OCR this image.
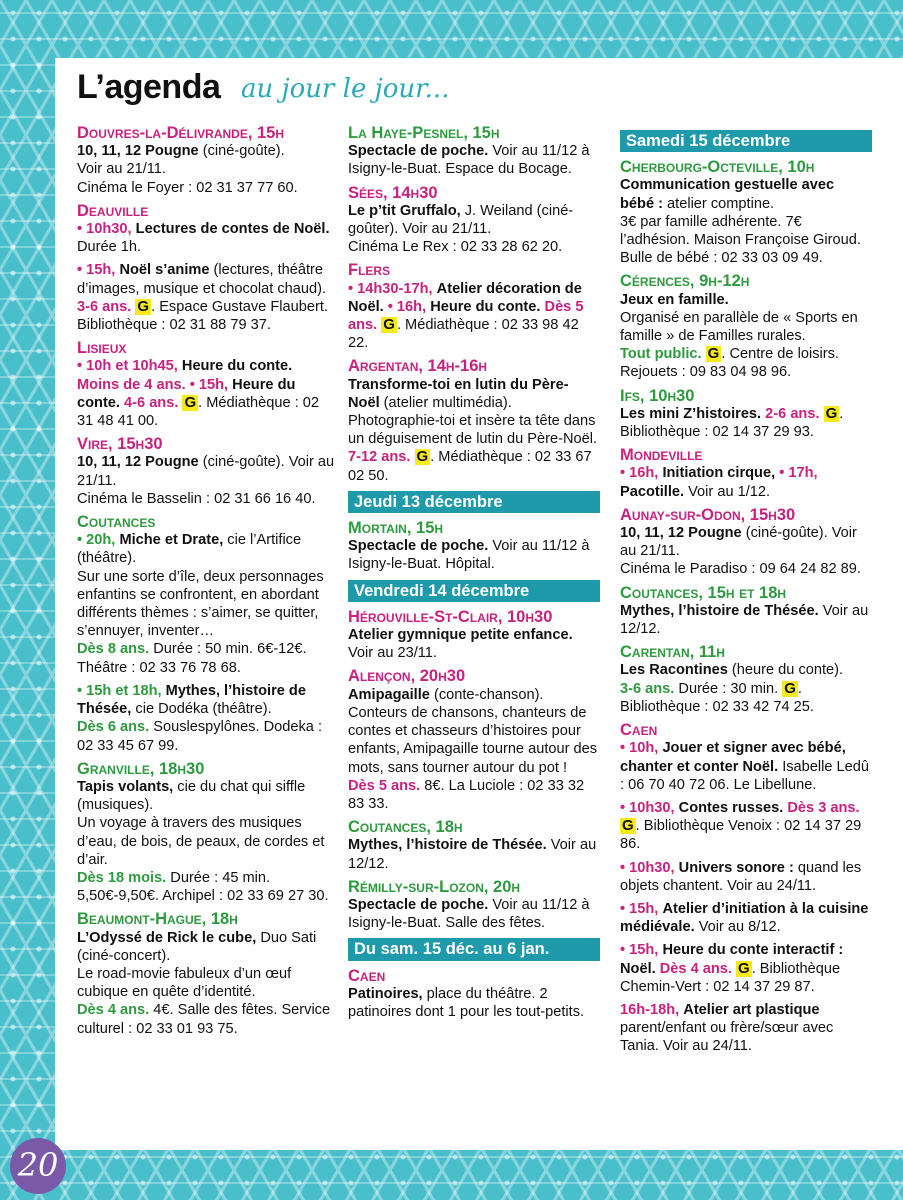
L’agenda au jour le jour...
Douvres-la-Délivrande, 15h
10, 11, 12 Pougne (ciné-goûte).
Voir au 21/11.
Cinéma le Foyer : 02 31 37 77 60.
Deauville
• 10h30, Lectures de contes de Noël. Durée 1h.
• 15h, Noël s’anime (lectures, théâtre d’images, musique et chocolat chaud).
3-6 ans. G . Espace Gustave Flaubert. Bibliothèque : 02 31 88 79 37.
Lisieux
• 10h et 10h45, Heure du conte. Moins de 4 ans. • 15h, Heure du conte. 4-6 ans. G . Médiathèque : 02 31 48 41 00.
Vire, 15h30
10, 11, 12 Pougne (ciné-goûte). Voir au 21/11.
Cinéma le Basselin : 02 31 66 16 40.
Coutances
• 20h, Miche et Drate, cie l’Artifice (théâtre).
Sur une sorte d’île, deux personnages enfantins se confrontent, en abordant différents thèmes : s’aimer, se quitter, s’ennuyer, inventer…
Dès 8 ans. Durée : 50 min. 6€-12€. Théâtre : 02 33 76 78 68.
• 15h et 18h, Mythes, l’histoire de Thésée, cie Dodéka (théâtre).
Dès 6 ans. Souslespylônes. Dodeka : 02 33 45 67 99.
Granville, 18h30
Tapis volants, cie du chat qui siffle (musiques).
Un voyage à travers des musiques d’eau, de bois, de peaux, de cordes et d’air.
Dès 18 mois. Durée : 45 min. 5,50€-9,50€. Archipel : 02 33 69 27 30.
Beaumont-Hague, 18h
L’Odyssé de Rick le cube, Duo Sati (ciné-concert).
Le road-movie fabuleux d’un œuf cubique en quête d’identité.
Dès 4 ans. 4€. Salle des fêtes. Service culturel : 02 33 01 93 75.
La Haye-Pesnel, 15h
Spectacle de poche. Voir au 11/12 à Isigny-le-Buat. Espace du Bocage.
Sées, 14h30
Le p’tit Gruffalo, J. Weiland (ciné-goûter). Voir au 21/11.
Cinéma Le Rex : 02 33 28 62 20.
Flers
• 14h30-17h, Atelier décoration de Noël. • 16h, Heure du conte. Dès 5 ans. G . Médiathèque : 02 33 98 42 22.
Argentan, 14h-16h
Transforme-toi en lutin du Père-Noël (atelier multimédia). Photographie-toi et insère ta tête dans un déguisement de lutin du Père-Noël.
7-12 ans. G . Médiathèque : 02 33 67 02 50.
Jeudi 13 décembre
Mortain, 15h
Spectacle de poche. Voir au 11/12 à Isigny-le-Buat. Hôpital.
Vendredi 14 décembre
Hérouville-St-Clair, 10h30
Atelier gymnique petite enfance. Voir au 23/11.
Alençon, 20h30
Amipagaille (conte-chanson). Conteurs de chansons, chanteurs de contes et chasseurs d’histoires pour enfants, Amipagaille tourne autour des mots, sans tourner autour du pot !
Dès 5 ans. 8€. La Luciole : 02 33 32 83 33.
Coutances, 18h
Mythes, l’histoire de Thésée. Voir au 12/12.
Rémilly-sur-Lozon, 20h
Spectacle de poche. Voir au 11/12 à Isigny-le-Buat. Salle des fêtes.
Du sam. 15 déc. au 6 jan.
Caen
Patinoires, place du théâtre. 2 patinoires dont 1 pour les tout-petits.
Samedi 15 décembre
Cherbourg-Octeville, 10h
Communication gestuelle avec bébé : atelier comptine.
3€ par famille adhérente. 7€ l’adhésion. Maison Françoise Giroud. Bulle de bébé : 02 33 03 09 49.
Cérences, 9h-12h
Jeux en famille.
Organisé en parallèle de « Sports en famille » de Familles rurales.
Tout public. G . Centre de loisirs. Rejouets : 09 83 04 98 96.
Ifs, 10h30
Les mini Z’histoires. 2-6 ans. G .
Bibliothèque : 02 14 37 29 93.
Mondeville
• 16h, Initiation cirque, • 17h, Pacotille. Voir au 1/12.
Aunay-sur-Odon, 15h30
10, 11, 12 Pougne (ciné-goûte). Voir au 21/11.
Cinéma le Paradiso : 09 64 24 82 89.
Coutances, 15h et 18h
Mythes, l’histoire de Thésée. Voir au 12/12.
Carentan, 11h
Les Racontines (heure du conte).
3-6 ans. Durée : 30 min. G . Bibliothèque : 02 33 42 74 25.
Caen
• 10h, Jouer et signer avec bébé, chanter et conter Noël. Isabelle Ledû : 06 70 40 72 06. Le Libellune.
• 10h30, Contes russes. Dès 3 ans. G . Bibliothèque Venoix : 02 14 37 29 86.
• 10h30, Univers sonore : quand les objets chantent. Voir au 24/11.
• 15h, Atelier d’initiation à la cuisine médiévale. Voir au 8/12.
• 15h, Heure du conte interactif : Noël. Dès 4 ans. G . Bibliothèque Chemin-Vert : 02 14 37 29 87.
16h-18h, Atelier art plastique parent/enfant ou frère/sœur avec Tania. Voir au 24/11.
20
